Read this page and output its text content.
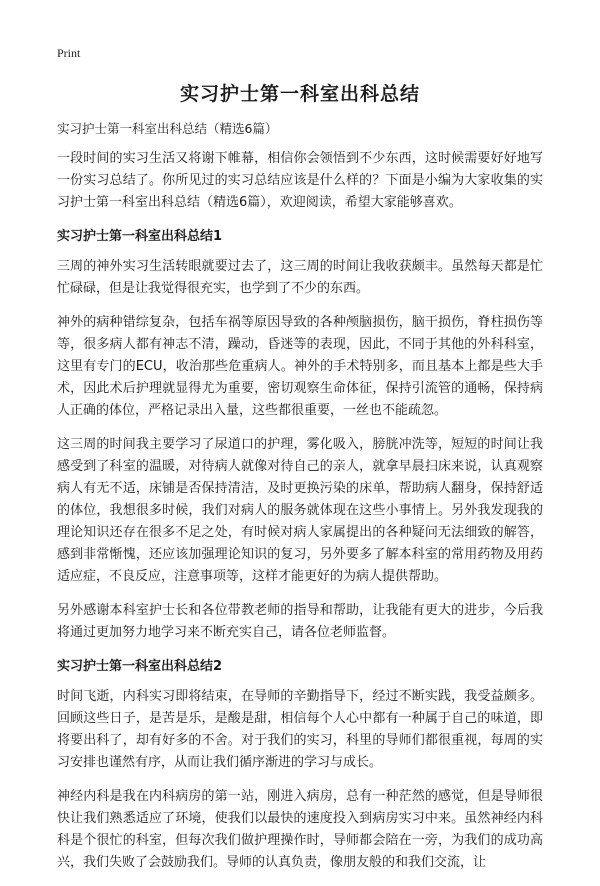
Print
实习护士第一科室出科总结

实习护士第一科室出科总结（精选6篇）

一段时间的实习生活又将谢下帷幕，相信你会领悟到不少东西，这时候需要好好地写一份实习总结了。你所见过的实习总结应该是什么样的？下面是小编为大家收集的实习护士第一科室出科总结（精选6篇），欢迎阅读，希望大家能够喜欢。

实习护士第一科室出科总结1

三周的神外实习生活转眼就要过去了，这三周的时间让我收获颇丰。虽然每天都是忙忙碌碌，但是让我觉得很充实，也学到了不少的东西。

神外的病种错综复杂，包括车祸等原因导致的各种颅脑损伤，脑干损伤，脊柱损伤等等，很多病人都有神志不清，躁动，昏迷等的表现，因此，不同于其他的外科科室，这里有专门的ECU，收治那些危重病人。神外的手术特别多，而且基本上都是些大手术，因此术后护理就显得尤为重要，密切观察生命体征，保持引流管的通畅，保持病人正确的体位，严格记录出入量，这些都很重要，一丝也不能疏忽。

这三周的时间我主要学习了尿道口的护理，雾化吸入，膀胱冲洗等，短短的时间让我感受到了科室的温暖，对待病人就像对待自己的亲人，就拿早晨扫床来说，认真观察病人有无不适，床铺是否保持清洁，及时更换污染的床单，帮助病人翻身，保持舒适的体位，我想很多时候，我们对病人的服务就体现在这些小事情上。另外我发现我的理论知识还存在很多不足之处，有时候对病人家属提出的各种疑问无法细致的解答，感到非常惭愧，还应该加强理论知识的复习，另外要多了解本科室的常用药物及用药适应症，不良反应，注意事项等，这样才能更好的为病人提供帮助。

另外感谢本科室护士长和各位带教老师的指导和帮助，让我能有更大的进步，今后我将通过更加努力地学习来不断充实自己，请各位老师监督。

实习护士第一科室出科总结2

时间飞逝，内科实习即将结束，在导师的辛勤指导下，经过不断实践，我受益颇多。回顾这些日子，是苦是乐，是酸是甜，相信每个人心中都有一种属于自己的味道，即将要出科了，却有好多的不舍。对于我们的实习，科里的导师们都很重视，每周的实习安排也谨然有序，从而让我们循序渐进的学习与成长。

神经内科是我在内科病房的第一站，刚进入病房，总有一种茫然的感觉，但是导师很快让我们熟悉适应了环境，使我们以最快的速度投入到病房实习中来。虽然神经内科科是个很忙的科室，但每次我们做护理操作时，导师都会陪在一旁，为我们的成功高兴，我们失败了会鼓励我们。导师的认真负责，像朋友般的和我们交流，让
